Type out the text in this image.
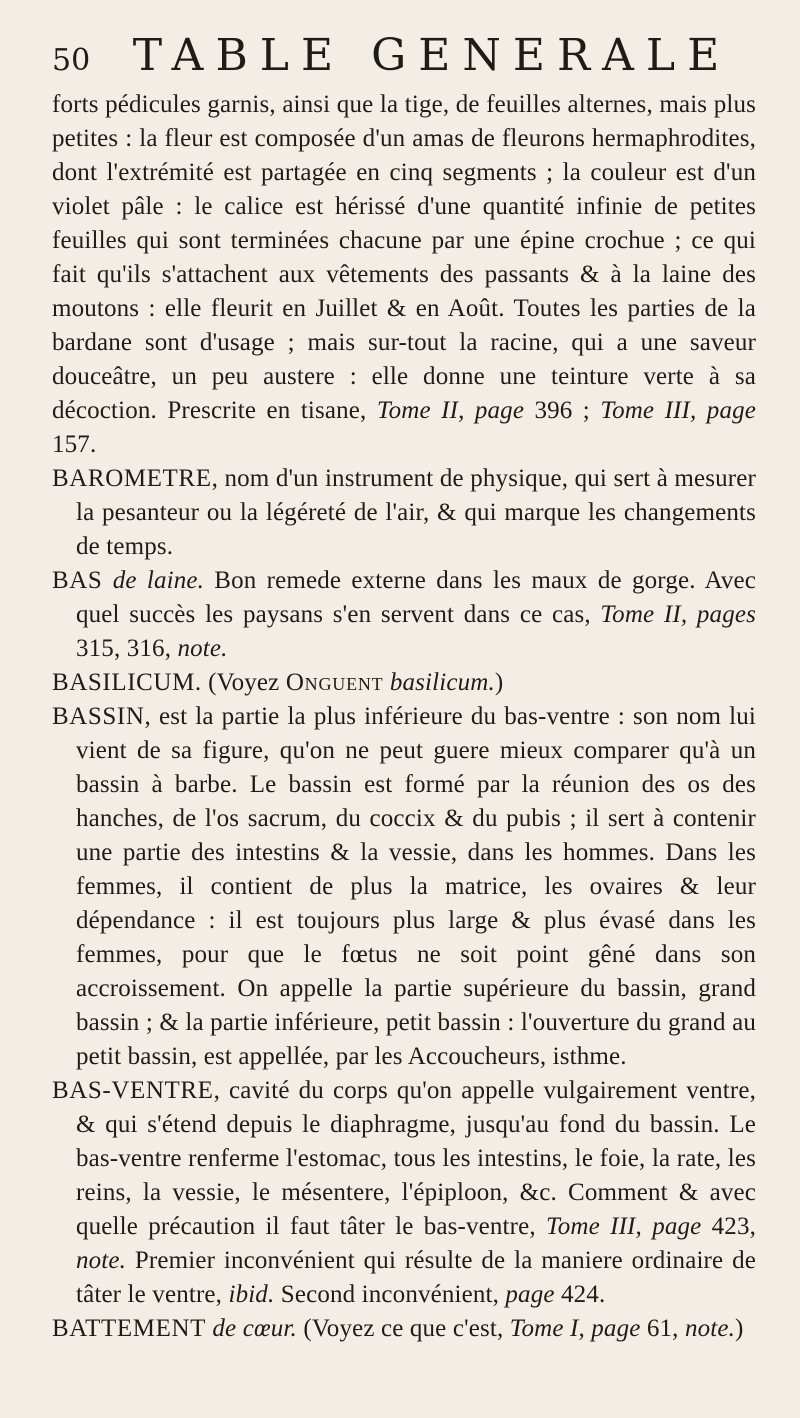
50 TABLE GENERALE

forts pédicules garnis, ainsi que la tige, de feuilles alternes, mais plus petites : la fleur est composée d'un amas de fleurons hermaphrodites, dont l'extrémité est partagée en cinq segments ; la couleur est d'un violet pâle : le calice est hérissé d'une quantité infinie de petites feuilles qui sont terminées chacune par une épine crochue ; ce qui fait qu'ils s'attachent aux vêtements des passants & à la laine des moutons : elle fleurit en Juillet & en Août. Toutes les parties de la bardane sont d'usage ; mais sur-tout la racine, qui a une saveur douceâtre, un peu austere : elle donne une teinture verte à sa décoction. Prescrite en tisane, Tome II, page 396 ; Tome III, page 157.

BAROMETRE, nom d'un instrument de physique, qui sert à mesurer la pesanteur ou la légéreté de l'air, & qui marque les changements de temps.

BAS de laine. Bon remede externe dans les maux de gorge. Avec quel succès les paysans s'en servent dans ce cas, Tome II, pages 315, 316, note.

BASILICUM. (Voyez Onguent basilicum.)

BASSIN, est la partie la plus inférieure du bas-ventre : son nom lui vient de sa figure, qu'on ne peut guere mieux comparer qu'à un bassin à barbe. Le bassin est formé par la réunion des os des hanches, de l'os sacrum, du coccix & du pubis ; il sert à contenir une partie des intestins & la vessie, dans les hommes. Dans les femmes, il contient de plus la matrice, les ovaires & leur dépendance : il est toujours plus large & plus évasé dans les femmes, pour que le fœtus ne soit point gêné dans son accroissement. On appelle la partie supérieure du bassin, grand bassin ; & la partie inférieure, petit bassin : l'ouverture du grand au petit bassin, est appellée, par les Accoucheurs, isthme.

BAS-VENTRE, cavité du corps qu'on appelle vulgairement ventre, & qui s'étend depuis le diaphragme, jusqu'au fond du bassin. Le bas-ventre renferme l'estomac, tous les intestins, le foie, la rate, les reins, la vessie, le mésentere, l'épiploon, &c. Comment & avec quelle précaution il faut tâter le bas-ventre, Tome III, page 423, note. Premier inconvénient qui résulte de la maniere ordinaire de tâter le ventre, ibid. Second inconvénient, page 424.

BATTEMENT de cœur. (Voyez ce que c'est, Tome I, page 61, note.)
